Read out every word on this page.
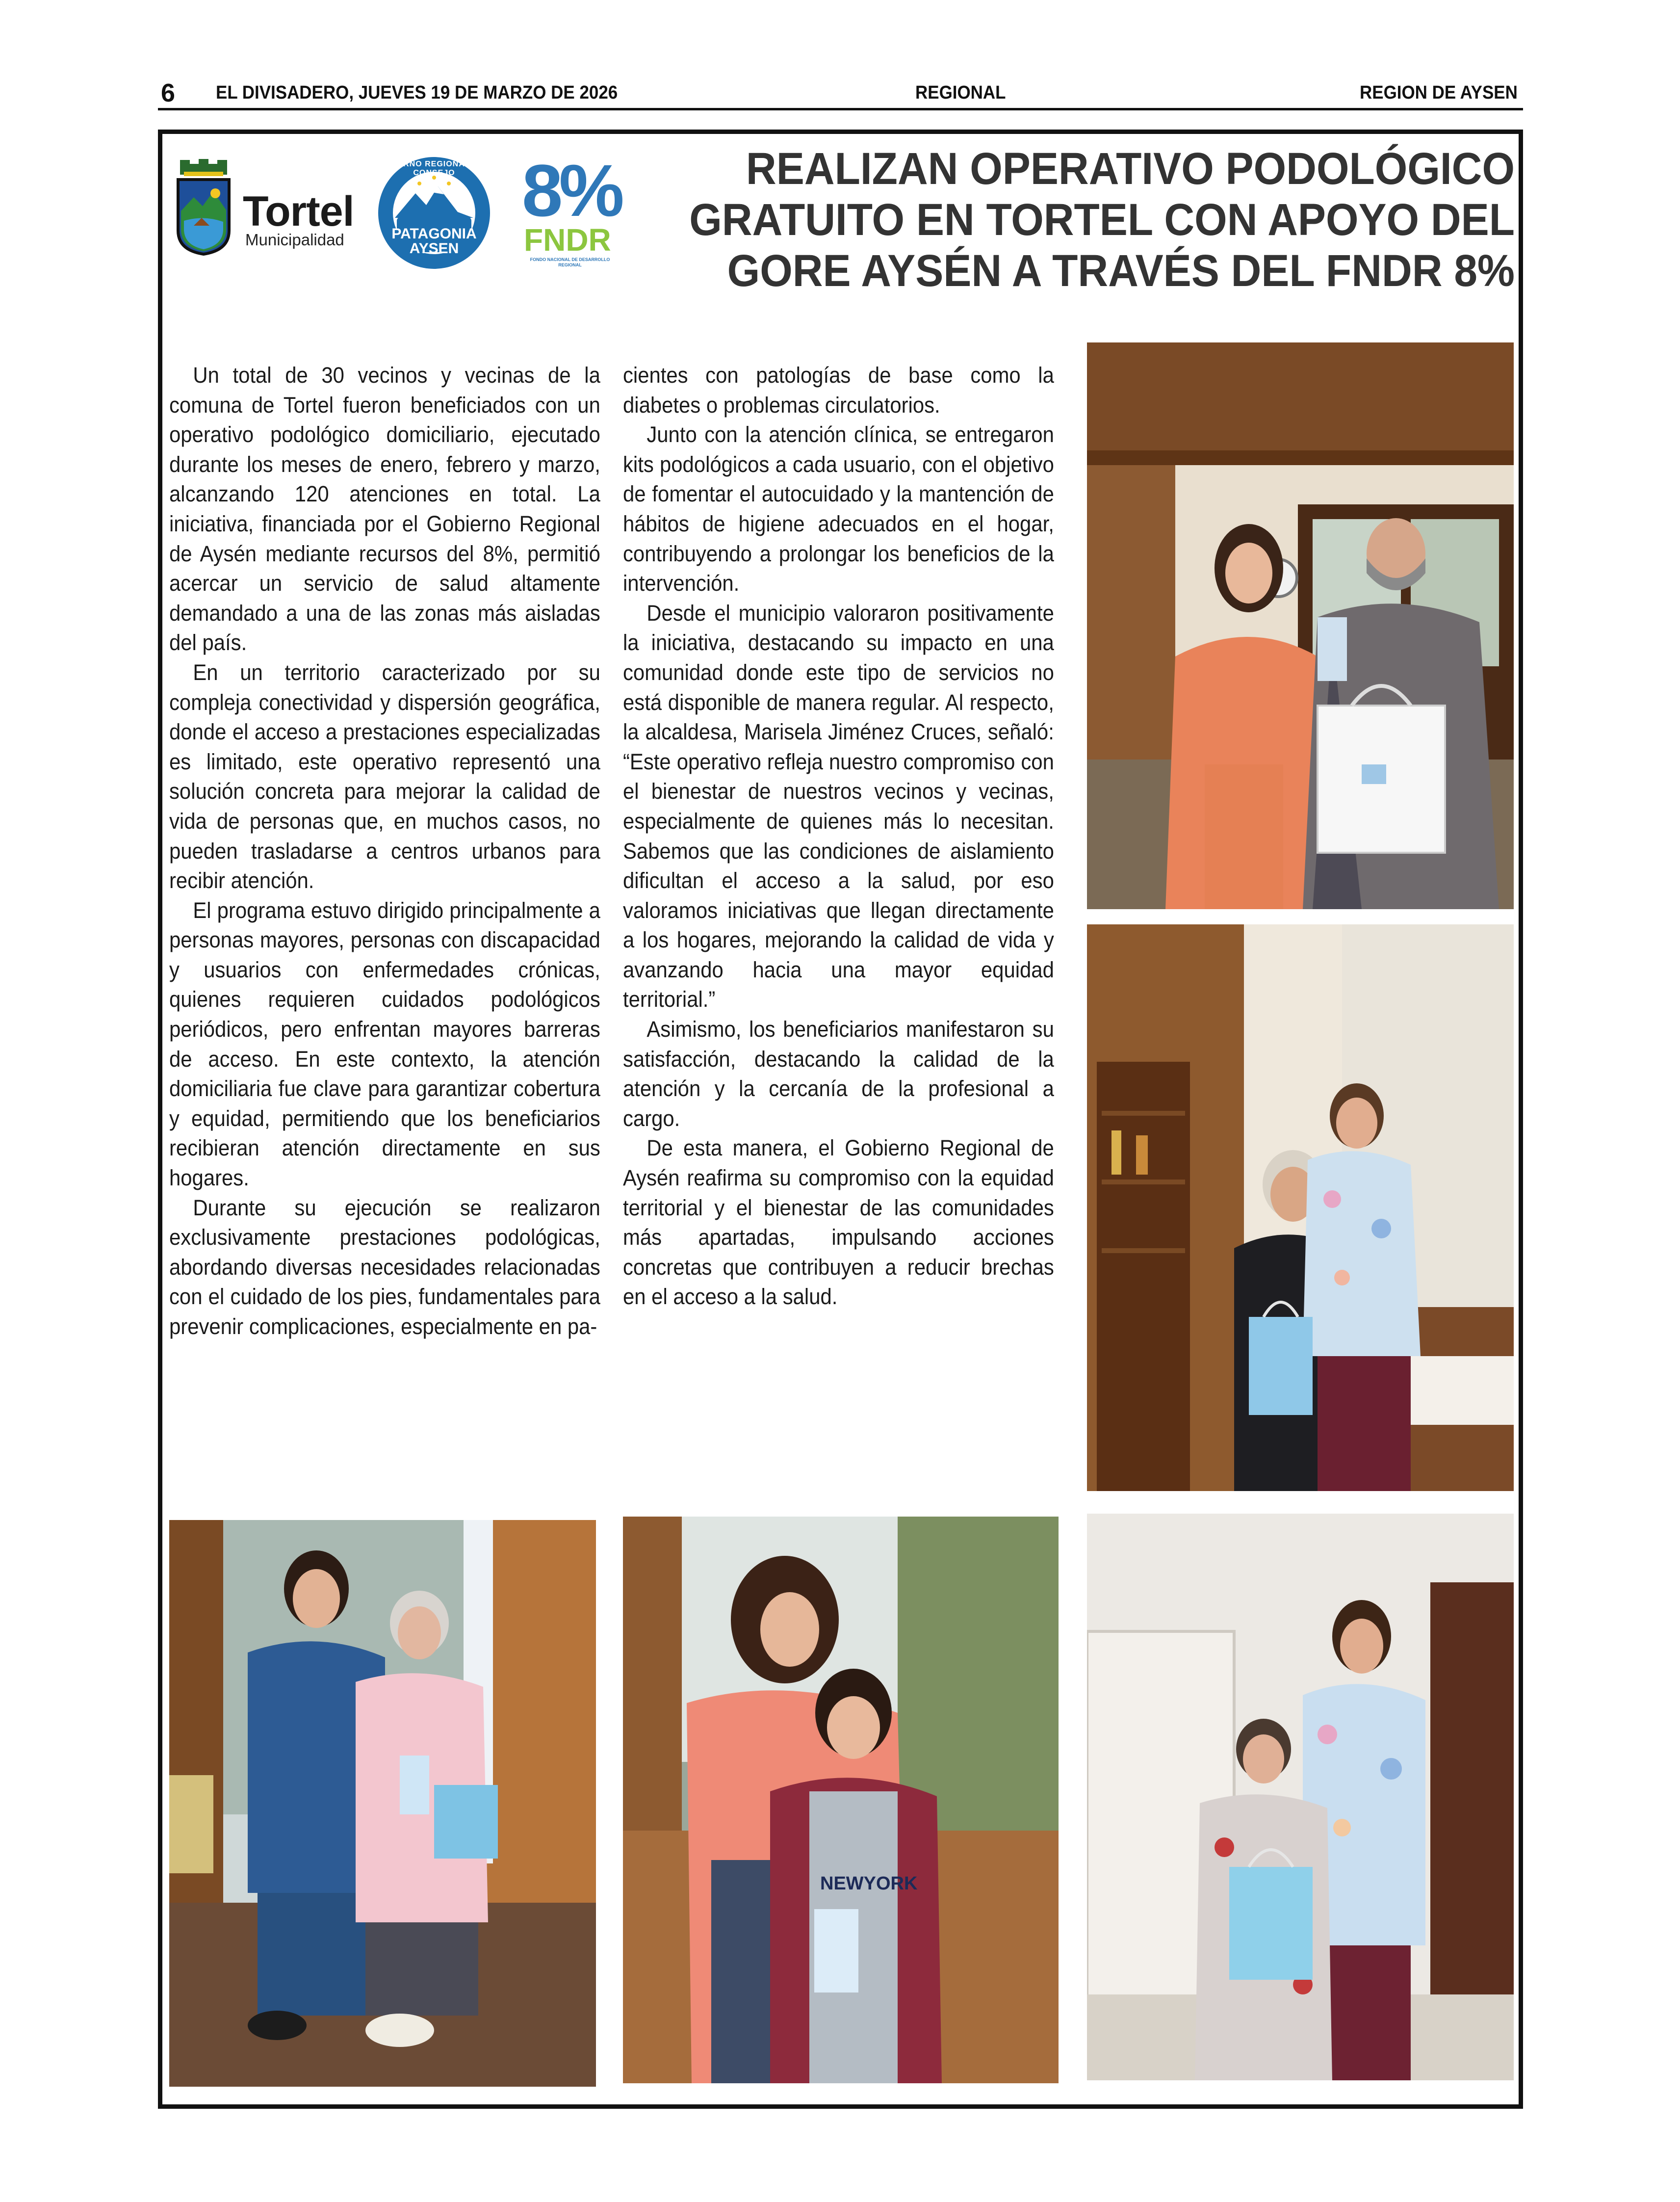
6 EL DIVISADERO, JUEVES 19 DE MARZO DE 2026	REGIONAL	REGION DE AYSEN
Tortel
Municipalidad
GOBIERNO REGIONAL Y SU CONSEJO
PATAGONIA
AYSEN
8%
FNDR
FONDO NACIONAL DE DESARROLLO REGIONAL
REALIZAN OPERATIVO PODOLÓGICO
GRATUITO EN TORTEL CON APOYO DEL
GORE AYSÉN A TRAVÉS DEL FNDR 8%

Un total de 30 vecinos y vecinas de la comuna de Tortel fueron beneficiados con un operativo podológico domiciliario, ejecutado durante los meses de enero, febrero y marzo, alcanzando 120 atenciones en total. La iniciativa, financiada por el Gobierno Regional de Aysén mediante recursos del 8%, permitió acercar un servicio de salud altamente demandado a una de las zonas más aisladas del país.

En un territorio caracterizado por su compleja conectividad y dispersión geográfica, donde el acceso a prestaciones especializadas es limitado, este operativo representó una solución concreta para mejorar la calidad de vida de personas que, en muchos casos, no pueden trasladarse a centros urbanos para recibir atención.

El programa estuvo dirigido principalmente a personas mayores, personas con discapacidad y usuarios con enfermedades crónicas, quienes requieren cuidados podológicos periódicos, pero enfrentan mayores barreras de acceso. En este contexto, la atención domiciliaria fue clave para garantizar cobertura y equidad, permitiendo que los beneficiarios recibieran atención directamente en sus hogares.

Durante su ejecución se realizaron exclusivamente prestaciones podológicas, abordando diversas necesidades relacionadas con el cuidado de los pies, fundamentales para prevenir complicaciones, especialmente en pa-

cientes con patologías de base como la diabetes o problemas circulatorios.

Junto con la atención clínica, se entregaron kits podológicos a cada usuario, con el objetivo de fomentar el autocuidado y la mantención de hábitos de higiene adecuados en el hogar, contribuyendo a prolongar los beneficios de la intervención.

Desde el municipio valoraron positivamente la iniciativa, destacando su impacto en una comunidad donde este tipo de servicios no está disponible de manera regular. Al respecto, la alcaldesa, Marisela Jiménez Cruces, señaló: “Este operativo refleja nuestro compromiso con el bienestar de nuestros vecinos y vecinas, especialmente de quienes más lo necesitan. Sabemos que las condiciones de aislamiento dificultan el acceso a la salud, por eso valoramos iniciativas que llegan directamente a los hogares, mejorando la calidad de vida y avanzando hacia una mayor equidad territorial.”

Asimismo, los beneficiarios manifestaron su satisfacción, destacando la calidad de la atención y la cercanía de la profesional a cargo.

De esta manera, el Gobierno Regional de Aysén reafirma su compromiso con la equidad territorial y el bienestar de las comunidades más apartadas, impulsando acciones concretas que contribuyen a reducir brechas en el acceso a la salud.

NEWYORK
